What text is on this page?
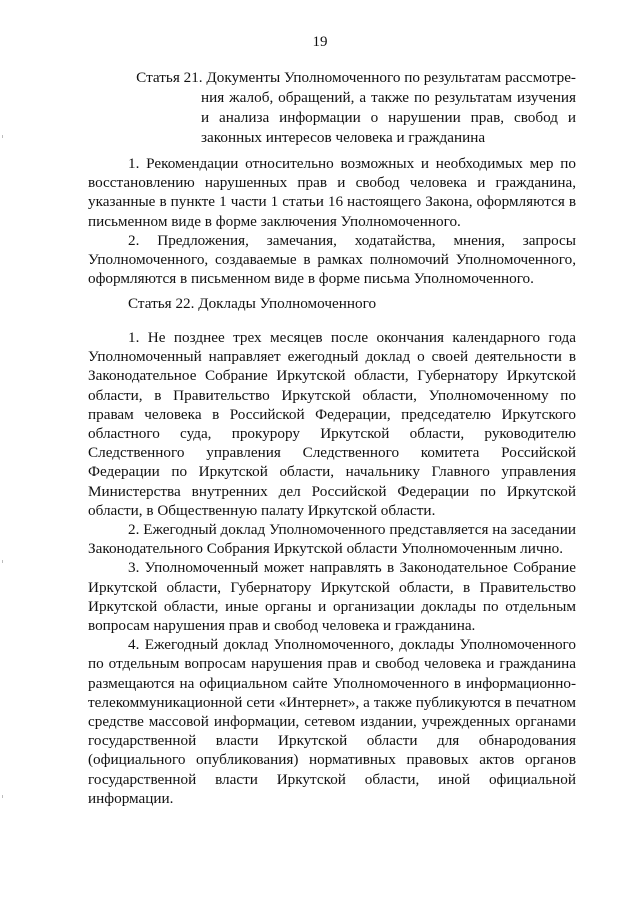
19
Статья 21. Документы Уполномоченного по результатам рассмотре-
ния жалоб, обращений, а также по результатам изучения и анализа информации о нарушении прав, свобод и законных интересов человека и гражданина

1. Рекомендации относительно возможных и необходимых мер по восстановлению нарушенных прав и свобод человека и гражданина, указанные в пункте 1 части 1 статьи 16 настоящего Закона, оформляются в письменном виде в форме заключения Уполномоченного.

2. Предложения, замечания, ходатайства, мнения, запросы Уполномоченного, создаваемые в рамках полномочий Уполномоченного, оформляются в письменном виде в форме письма Уполномоченного.

Статья 22. Доклады Уполномоченного

1. Не позднее трех месяцев после окончания календарного года Уполномоченный направляет ежегодный доклад о своей деятельности в Законодательное Собрание Иркутской области, Губернатору Иркутской области, в Правительство Иркутской области, Уполномоченному по правам человека в Российской Федерации, председателю Иркутского областного суда, прокурору Иркутской области, руководителю Следственного управления Следственного комитета Российской Федерации по Иркутской области, начальнику Главного управления Министерства внутренних дел Российской Федерации по Иркутской области, в Общественную палату Иркутской области.

2. Ежегодный доклад Уполномоченного представляется на заседании Законодательного Собрания Иркутской области Уполномоченным лично.

3. Уполномоченный может направлять в Законодательное Собрание Иркутской области, Губернатору Иркутской области, в Правительство Иркутской области, иные органы и организации доклады по отдельным вопросам нарушения прав и свобод человека и гражданина.

4. Ежегодный доклад Уполномоченного, доклады Уполномоченного по отдельным вопросам нарушения прав и свобод человека и гражданина размещаются на официальном сайте Уполномоченного в информационно-телекоммуникационной сети «Интернет», а также публикуются в печатном средстве массовой информации, сетевом издании, учрежденных органами государственной власти Иркутской области для обнародования (официального опубликования) нормативных правовых актов органов государственной власти Иркутской области, иной официальной информации.
